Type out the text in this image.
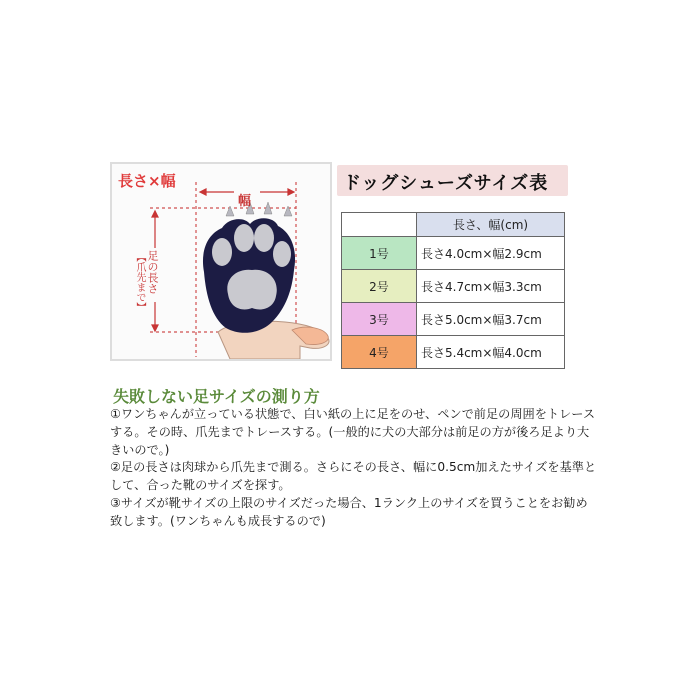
長さ×幅
幅
足の長さ
【爪先まで】
ドッグシューズサイズ表
	長さ、幅(cm)
1号	長さ4.0cm×幅2.9cm
2号	長さ4.7cm×幅3.3cm
3号	長さ5.0cm×幅3.7cm
4号	長さ5.4cm×幅4.0cm
失敗しない足サイズの測り方

①ワンちゃんが立っている状態で、白い紙の上に足をのせ、ペンで前足の周囲をトレースする。その時、爪先までトレースする。(一般的に犬の大部分は前足の方が後ろ足より大きいので。)

②足の長さは肉球から爪先まで測る。さらにその長さ、幅に0.5cm加えたサイズを基準として、合った靴のサイズを探す。

③サイズが靴サイズの上限のサイズだった場合、1ランク上のサイズを買うことをお勧め致します。(ワンちゃんも成長するので)
